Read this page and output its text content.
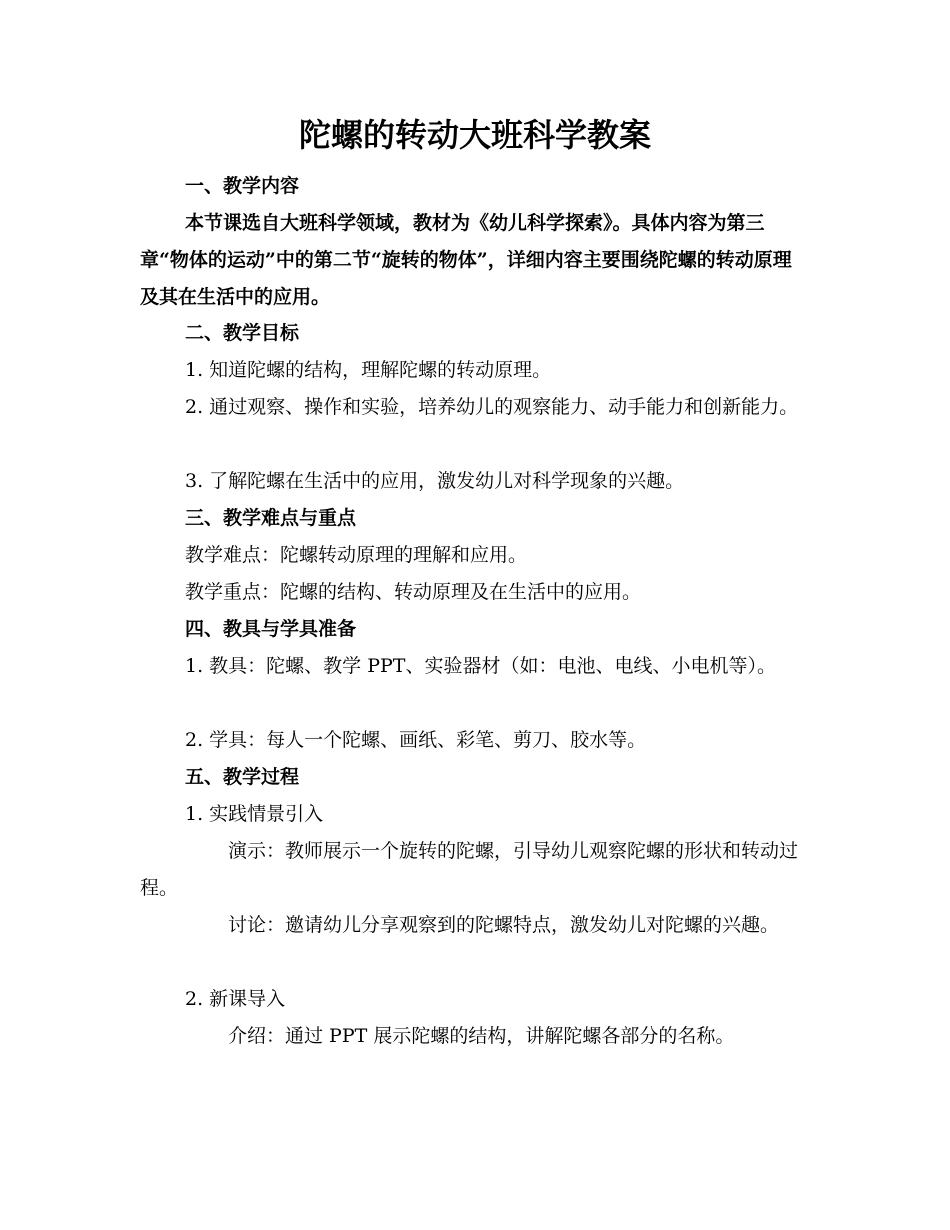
陀螺的转动大班科学教案

一、教学内容

本节课选自大班科学领域，教材为《幼儿科学探索》。具体内容为第三章“物体的运动”中的第二节“旋转的物体”，详细内容主要围绕陀螺的转动原理及其在生活中的应用。

二、教学目标

1. 知道陀螺的结构，理解陀螺的转动原理。

2. 通过观察、操作和实验，培养幼儿的观察能力、动手能力和创新能力。

3. 了解陀螺在生活中的应用，激发幼儿对科学现象的兴趣。

三、教学难点与重点

教学难点：陀螺转动原理的理解和应用。

教学重点：陀螺的结构、转动原理及在生活中的应用。

四、教具与学具准备

1. 教具：陀螺、教学 PPT、实验器材（如：电池、电线、小电机等）。

2. 学具：每人一个陀螺、画纸、彩笔、剪刀、胶水等。

五、教学过程

1. 实践情景引入

演示：教师展示一个旋转的陀螺，引导幼儿观察陀螺的形状和转动过程。

讨论：邀请幼儿分享观察到的陀螺特点，激发幼儿对陀螺的兴趣。

2. 新课导入

介绍：通过 PPT 展示陀螺的结构，讲解陀螺各部分的名称。
